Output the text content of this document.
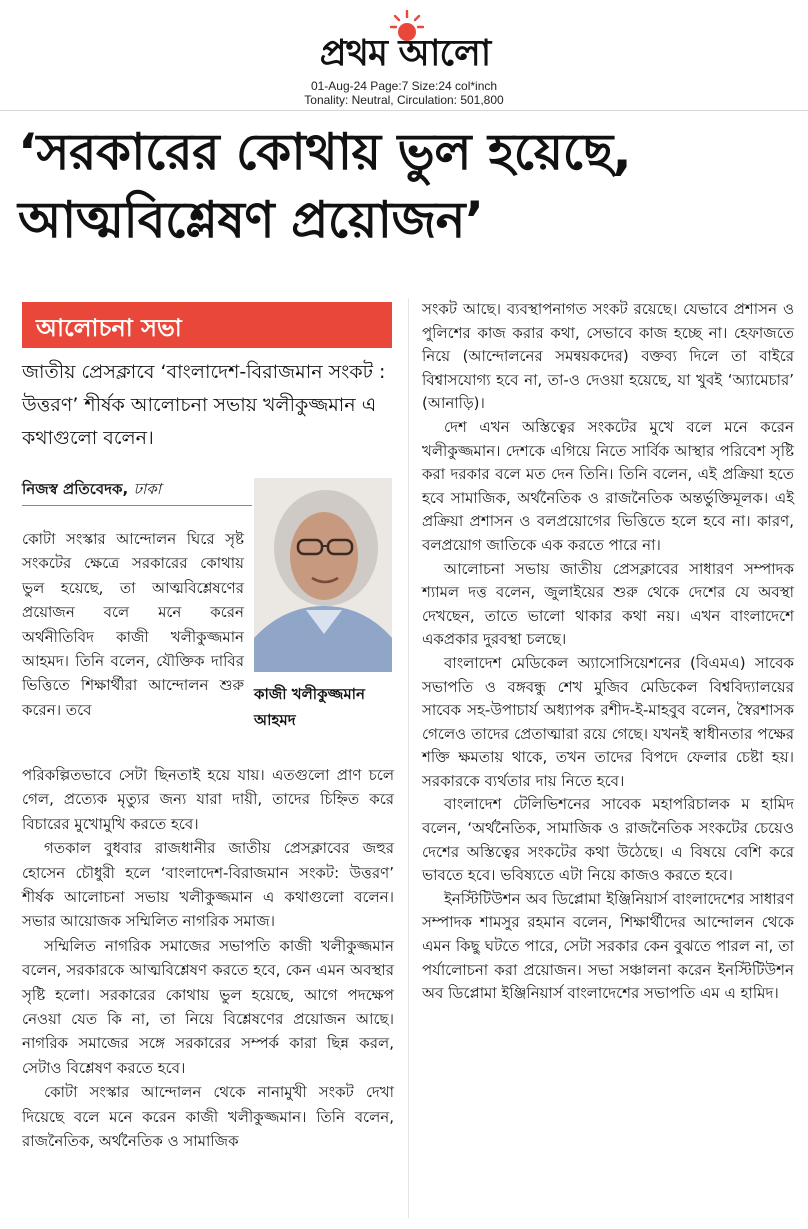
প্রথম আলো
01-Aug-24 Page:7 Size:24 col*inch
Tonality: Neutral, Circulation: 501,800
‘সরকারের কোথায় ভুল হয়েছে,
আত্মবিশ্লেষণ প্রয়োজন’
আলোচনা সভা
জাতীয় প্রেসক্লাবে ‘বাংলাদেশ-বিরাজমান সংকট : উত্তরণ’ শীর্ষক আলোচনা সভায় খলীকুজ্জমান এ কথাগুলো বলেন।
নিজস্ব প্রতিবেদক, ঢাকা
কাজী খলীকুজ্জমান আহমদ

কোটা সংস্কার আন্দোলন ঘিরে সৃষ্ট সংকটের ক্ষেত্রে সরকারের কোথায় ভুল হয়েছে, তা আত্মবিশ্লেষণের প্রয়োজন বলে মনে করেন অর্থনীতিবিদ কাজী খলীকুজ্জমান আহমদ। তিনি বলেন, যৌক্তিক দাবির ভিত্তিতে শিক্ষার্থীরা আন্দোলন শুরু করেন। তবে

পরিকল্পিতভাবে সেটা ছিনতাই হয়ে যায়। এতগুলো প্রাণ চলে গেল, প্রত্যেক মৃত্যুর জন্য যারা দায়ী, তাদের চিহ্নিত করে বিচারের মুখোমুখি করতে হবে।

গতকাল বুধবার রাজধানীর জাতীয় প্রেসক্লাবের জহুর হোসেন চৌধুরী হলে ‘বাংলাদেশ-বিরাজমান সংকট: উত্তরণ’ শীর্ষক আলোচনা সভায় খলীকুজ্জমান এ কথাগুলো বলেন। সভার আয়োজক সম্মিলিত নাগরিক সমাজ।

সম্মিলিত নাগরিক সমাজের সভাপতি কাজী খলীকুজ্জমান বলেন, সরকারকে আত্মবিশ্লেষণ করতে হবে, কেন এমন অবস্থার সৃষ্টি হলো। সরকারের কোথায় ভুল হয়েছে, আগে পদক্ষেপ নেওয়া যেত কি না, তা নিয়ে বিশ্লেষণের প্রয়োজন আছে। নাগরিক সমাজের সঙ্গে সরকারের সম্পর্ক কারা ছিন্ন করল, সেটাও বিশ্লেষণ করতে হবে।

কোটা সংস্কার আন্দোলন থেকে নানামুখী সংকট দেখা দিয়েছে বলে মনে করেন কাজী খলীকুজ্জমান। তিনি বলেন, রাজনৈতিক, অর্থনৈতিক ও সামাজিক

সংকট আছে। ব্যবস্থাপনাগত সংকট রয়েছে। যেভাবে প্রশাসন ও পুলিশের কাজ করার কথা, সেভাবে কাজ হচ্ছে না। হেফাজতে নিয়ে (আন্দোলনের সমন্বয়কদের) বক্তব্য দিলে তা বাইরে বিশ্বাসযোগ্য হবে না, তা-ও দেওয়া হয়েছে, যা খুবই ‘অ্যামেচার’ (আনাড়ি)।

দেশ এখন অস্তিত্বের সংকটের মুখে বলে মনে করেন খলীকুজ্জমান। দেশকে এগিয়ে নিতে সার্বিক আস্থার পরিবেশ সৃষ্টি করা দরকার বলে মত দেন তিনি। তিনি বলেন, এই প্রক্রিয়া হতে হবে সামাজিক, অর্থনৈতিক ও রাজনৈতিক অন্তর্ভুক্তিমূলক। এই প্রক্রিয়া প্রশাসন ও বলপ্রয়োগের ভিত্তিতে হলে হবে না। কারণ, বলপ্রয়োগ জাতিকে এক করতে পারে না।

আলোচনা সভায় জাতীয় প্রেসক্লাবের সাধারণ সম্পাদক শ্যামল দত্ত বলেন, জুলাইয়ের শুরু থেকে দেশের যে অবস্থা দেখছেন, তাতে ভালো থাকার কথা নয়। এখন বাংলাদেশে একপ্রকার দুরবস্থা চলছে।

বাংলাদেশ মেডিকেল অ্যাসোসিয়েশনের (বিএমএ) সাবেক সভাপতি ও বঙ্গবন্ধু শেখ মুজিব মেডিকেল বিশ্ববিদ্যালয়ের সাবেক সহ-উপাচার্য অধ্যাপক রশীদ-ই-মাহবুব বলেন, স্বৈরশাসক গেলেও তাদের প্রেতাত্মারা রয়ে গেছে। যখনই স্বাধীনতার পক্ষের শক্তি ক্ষমতায় থাকে, তখন তাদের বিপদে ফেলার চেষ্টা হয়। সরকারকে ব্যর্থতার দায় নিতে হবে।

বাংলাদেশ টেলিভিশনের সাবেক মহাপরিচালক ম হামিদ বলেন, ‘অর্থনৈতিক, সামাজিক ও রাজনৈতিক সংকটের চেয়েও দেশের অস্তিত্বের সংকটের কথা উঠেছে। এ বিষয়ে বেশি করে ভাবতে হবে। ভবিষ্যতে এটা নিয়ে কাজও করতে হবে।

ইনস্টিটিউশন অব ডিপ্লোমা ইঞ্জিনিয়ার্স বাংলাদেশের সাধারণ সম্পাদক শামসুর রহমান বলেন, শিক্ষার্থীদের আন্দোলন থেকে এমন কিছু ঘটতে পারে, সেটা সরকার কেন বুঝতে পারল না, তা পর্যালোচনা করা প্রয়োজন। সভা সঞ্চালনা করেন ইনস্টিটিউশন অব ডিপ্লোমা ইঞ্জিনিয়ার্স বাংলাদেশের সভাপতি এম এ হামিদ।
